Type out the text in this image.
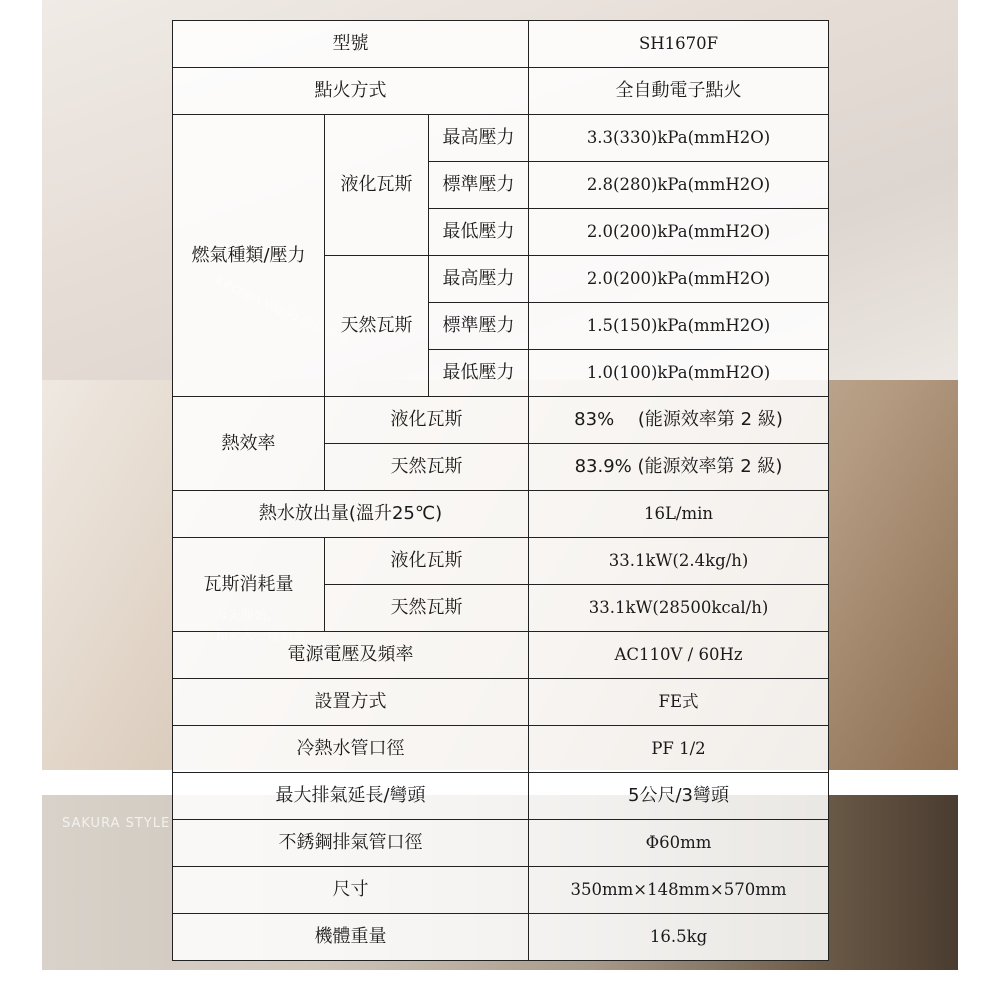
SAKURA STYLE
型號			SH1670F
點火方式			全自動電子點火
燃氣種類/壓力	液化瓦斯	最高壓力	3.3(330)kPa(mmH2O)
		標準壓力	2.8(280)kPa(mmH2O)
		最低壓力	2.0(200)kPa(mmH2O)
	天然瓦斯	最高壓力	2.0(200)kPa(mmH2O)
		標準壓力	1.5(150)kPa(mmH2O)
		最低壓力	1.0(100)kPa(mmH2O)
熱效率	液化瓦斯		83%　 (能源效率第 2 級)
	天然瓦斯		83.9% (能源效率第 2 級)
熱水放出量(溫升25℃)			16L/min
瓦斯消耗量	液化瓦斯		33.1kW(2.4kg/h)
	天然瓦斯		33.1kW(28500kcal/h)
電源電壓及頻率			AC110V / 60Hz
設置方式			FE式
冷熱水管口徑			PF 1/2
最大排氣延長/彎頭			5公尺/3彎頭
不銹鋼排氣管口徑			Φ60mm
尺寸			350mm×148mm×570mm
機體重量			16.5kg
